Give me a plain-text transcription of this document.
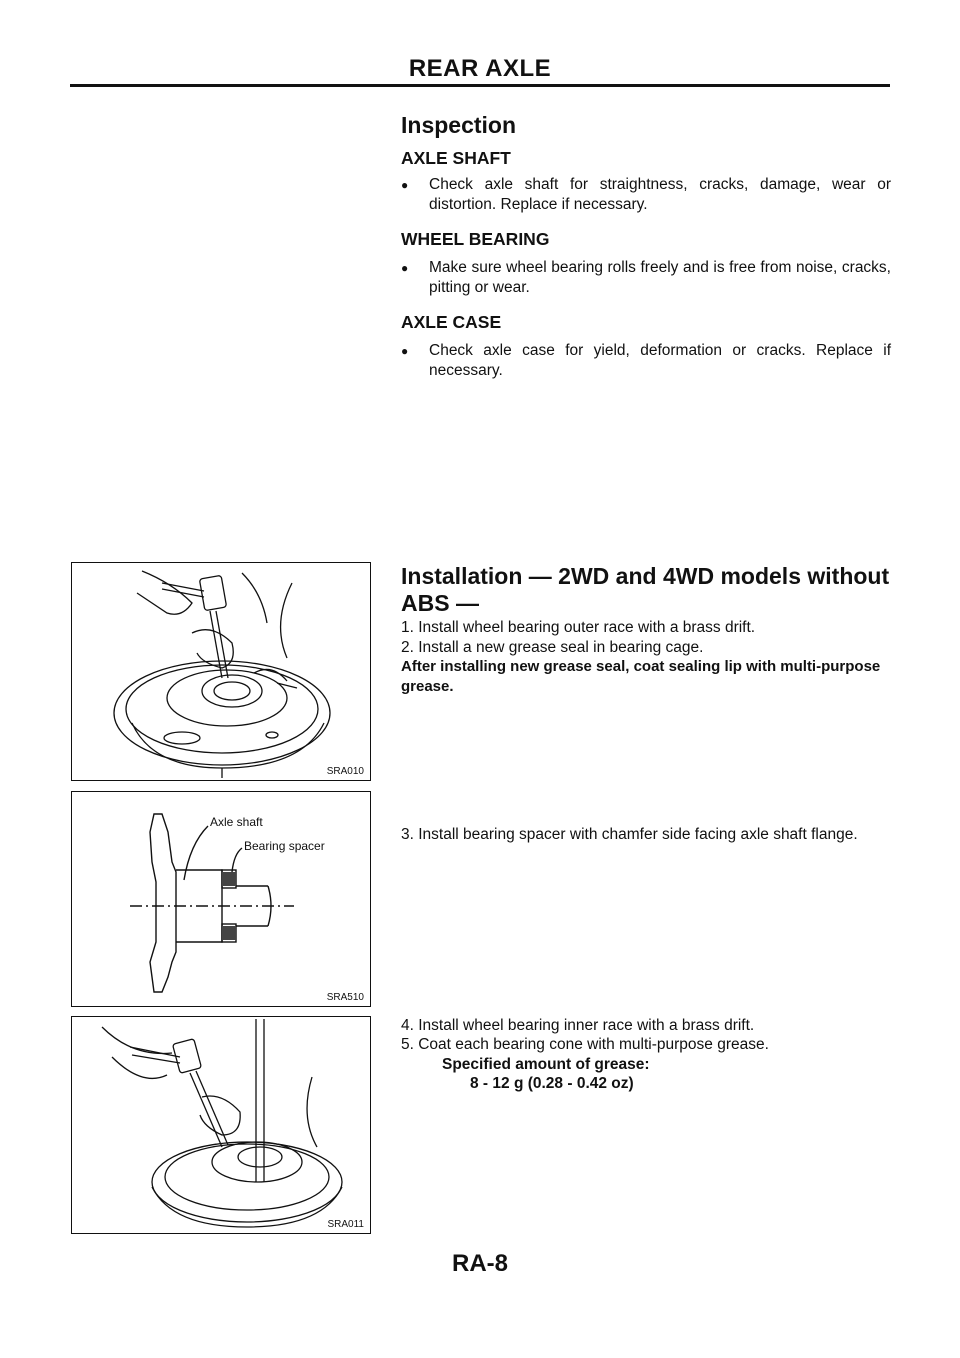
REAR AXLE
Inspection
AXLE SHAFT
●	Check axle shaft for straightness, cracks, damage, wear or distortion. Replace if necessary.
WHEEL BEARING
●	Make sure wheel bearing rolls freely and is free from noise, cracks, pitting or wear.
AXLE CASE
●	Check axle case for yield, deformation or cracks. Replace if necessary.
Installation — 2WD and 4WD models without
ABS —
1. Install wheel bearing outer race with a brass drift.
2. Install a new grease seal in bearing cage.
After installing new grease seal, coat sealing lip with multi-purpose grease.
3. Install bearing spacer with chamfer side facing axle shaft flange.
4. Install wheel bearing inner race with a brass drift.
5. Coat each bearing cone with multi-purpose grease.
Specified amount of grease:
8 - 12 g (0.28 - 0.42 oz)
SRA010
Axle shaft
Bearing spacer
SRA510
SRA011
RA-8
